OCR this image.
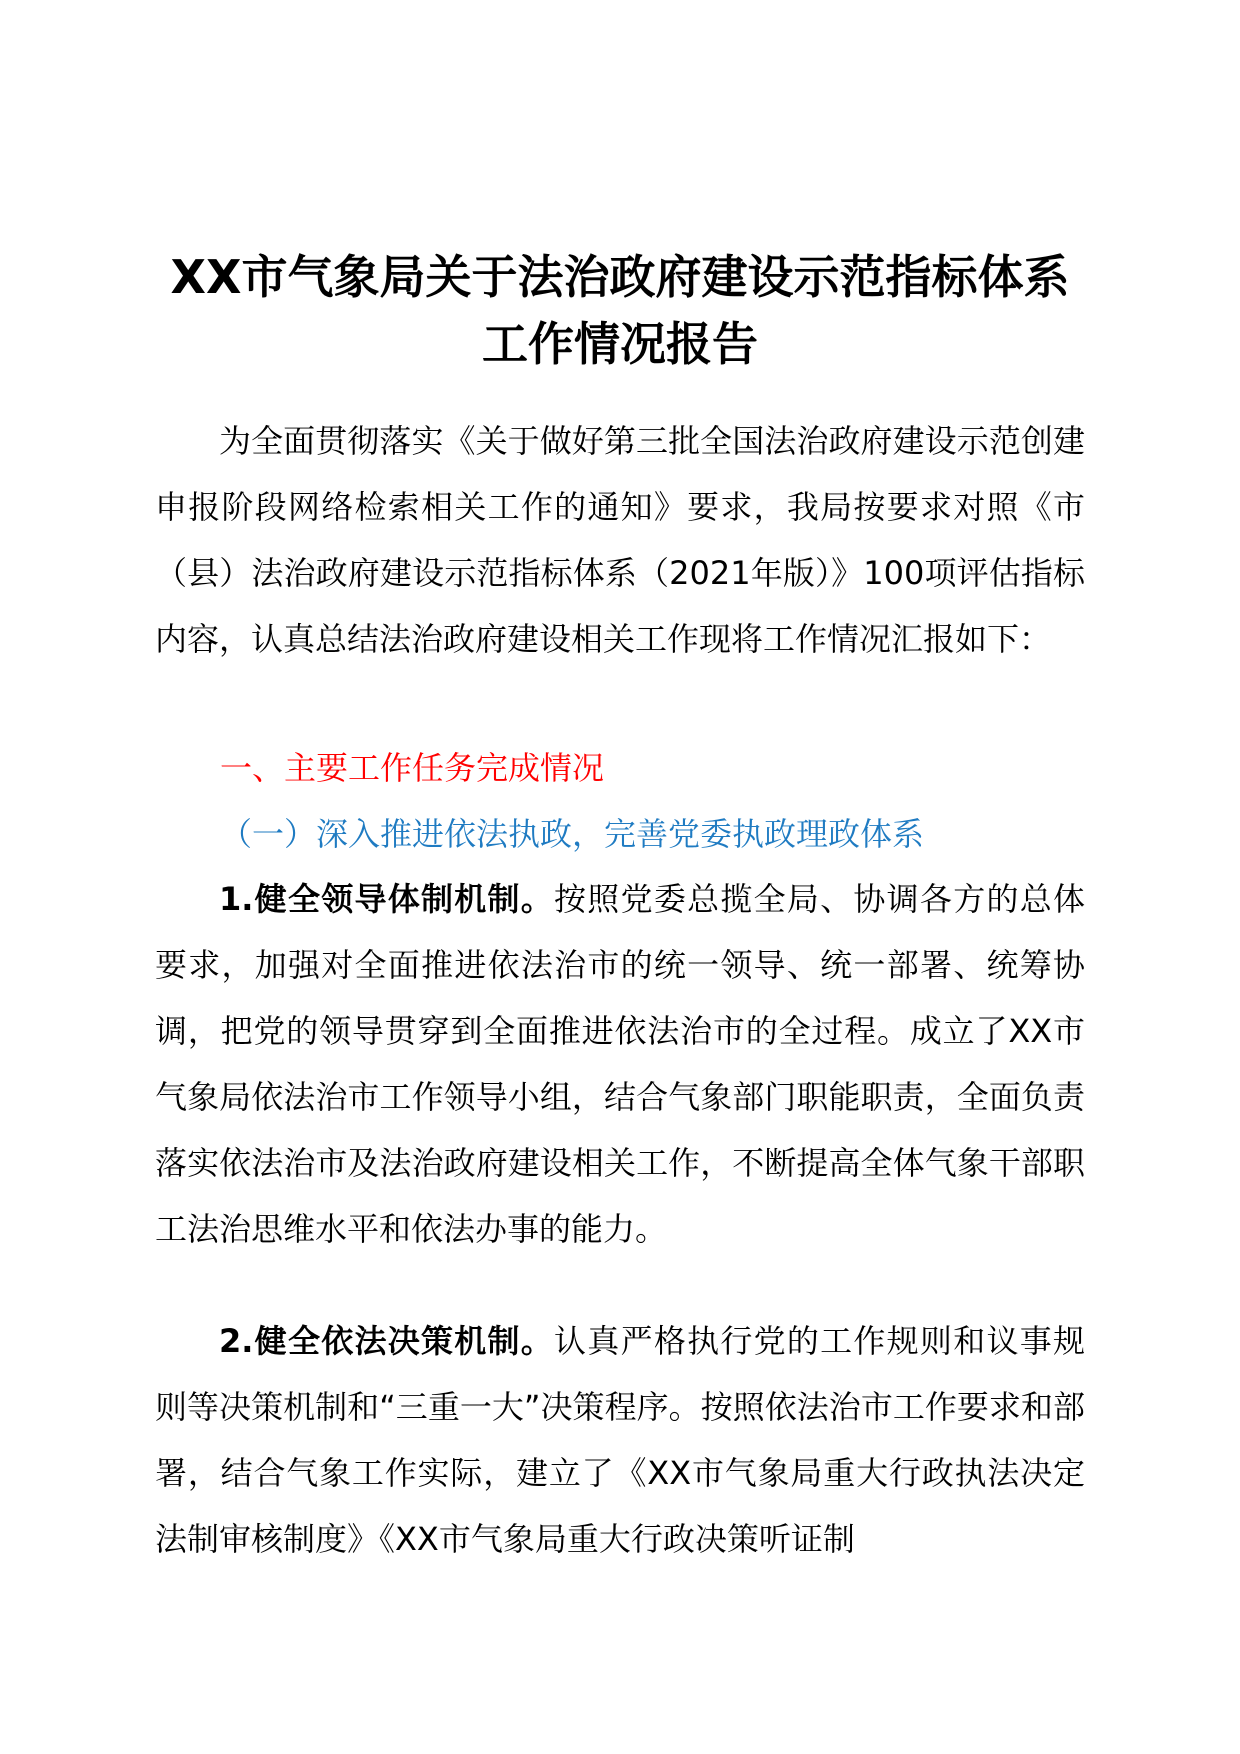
XX市气象局关于法治政府建设示范指标体系
工作情况报告

为全面贯彻落实《关于做好第三批全国法治政府建设示范创建申报阶段网络检索相关工作的通知》要求，我局按要求对照《市（县）法治政府建设示范指标体系（2021年版）》100项评估指标内容，认真总结法治政府建设相关工作现将工作情况汇报如下：

一、主要工作任务完成情况

（一）深入推进依法执政，完善党委执政理政体系

1.健全领导体制机制。按照党委总揽全局、协调各方的总体要求，加强对全面推进依法治市的统一领导、统一部署、统筹协调，把党的领导贯穿到全面推进依法治市的全过程。成立了XX市气象局依法治市工作领导小组，结合气象部门职能职责，全面负责落实依法治市及法治政府建设相关工作，不断提高全体气象干部职工法治思维水平和依法办事的能力。

2.健全依法决策机制。认真严格执行党的工作规则和议事规则等决策机制和“三重一大”决策程序。按照依法治市工作要求和部署，结合气象工作实际，建立了《XX市气象局重大行政执法决定法制审核制度》《XX市气象局重大行政决策听证制
